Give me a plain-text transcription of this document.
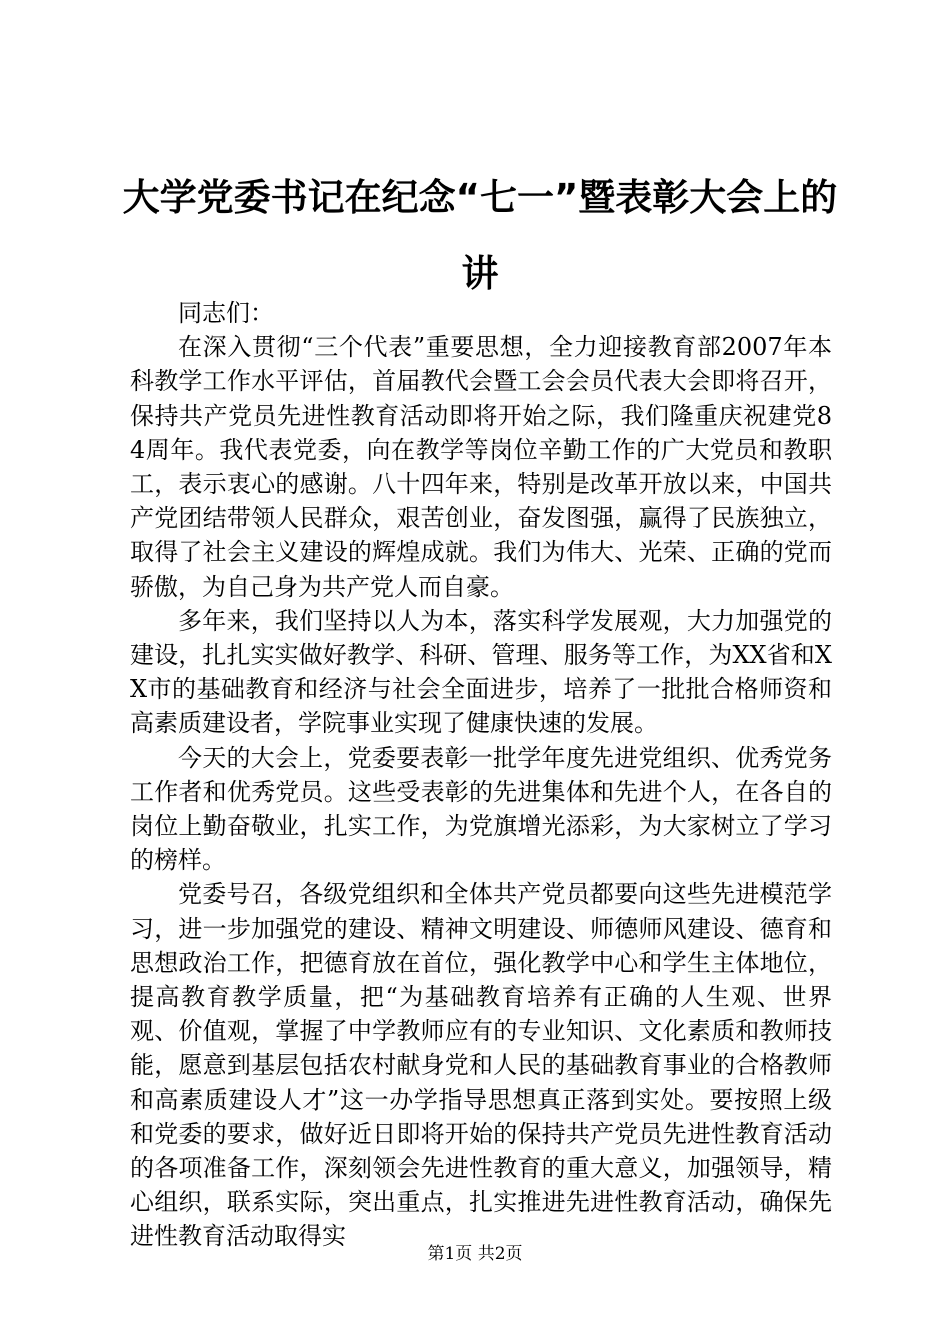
大学党委书记在纪念“七一”暨表彰大会上的讲

同志们：

在深入贯彻“三个代表”重要思想，全力迎接教育部2007年本科教学工作水平评估，首届教代会暨工会会员代表大会即将召开，保持共产党员先进性教育活动即将开始之际，我们隆重庆祝建党84周年。我代表党委，向在教学等岗位辛勤工作的广大党员和教职工，表示衷心的感谢。八十四年来，特别是改革开放以来，中国共产党团结带领人民群众，艰苦创业，奋发图强，赢得了民族独立，取得了社会主义建设的辉煌成就。我们为伟大、光荣、正确的党而骄傲，为自己身为共产党人而自豪。

多年来，我们坚持以人为本，落实科学发展观，大力加强党的建设，扎扎实实做好教学、科研、管理、服务等工作，为XX省和XX市的基础教育和经济与社会全面进步，培养了一批批合格师资和高素质建设者，学院事业实现了健康快速的发展。

今天的大会上，党委要表彰一批学年度先进党组织、优秀党务工作者和优秀党员。这些受表彰的先进集体和先进个人，在各自的岗位上勤奋敬业，扎实工作，为党旗增光添彩，为大家树立了学习的榜样。

党委号召，各级党组织和全体共产党员都要向这些先进模范学习，进一步加强党的建设、精神文明建设、师德师风建设、德育和思想政治工作，把德育放在首位，强化教学中心和学生主体地位，提高教育教学质量，把“为基础教育培养有正确的人生观、世界观、价值观，掌握了中学教师应有的专业知识、文化素质和教师技能，愿意到基层包括农村献身党和人民的基础教育事业的合格教师和高素质建设人才”这一办学指导思想真正落到实处。要按照上级和党委的要求，做好近日即将开始的保持共产党员先进性教育活动的各项准备工作，深刻领会先进性教育的重大意义，加强领导，精心组织，联系实际，突出重点，扎实推进先进性教育活动，确保先进性教育活动取得实

第1页 共2页
